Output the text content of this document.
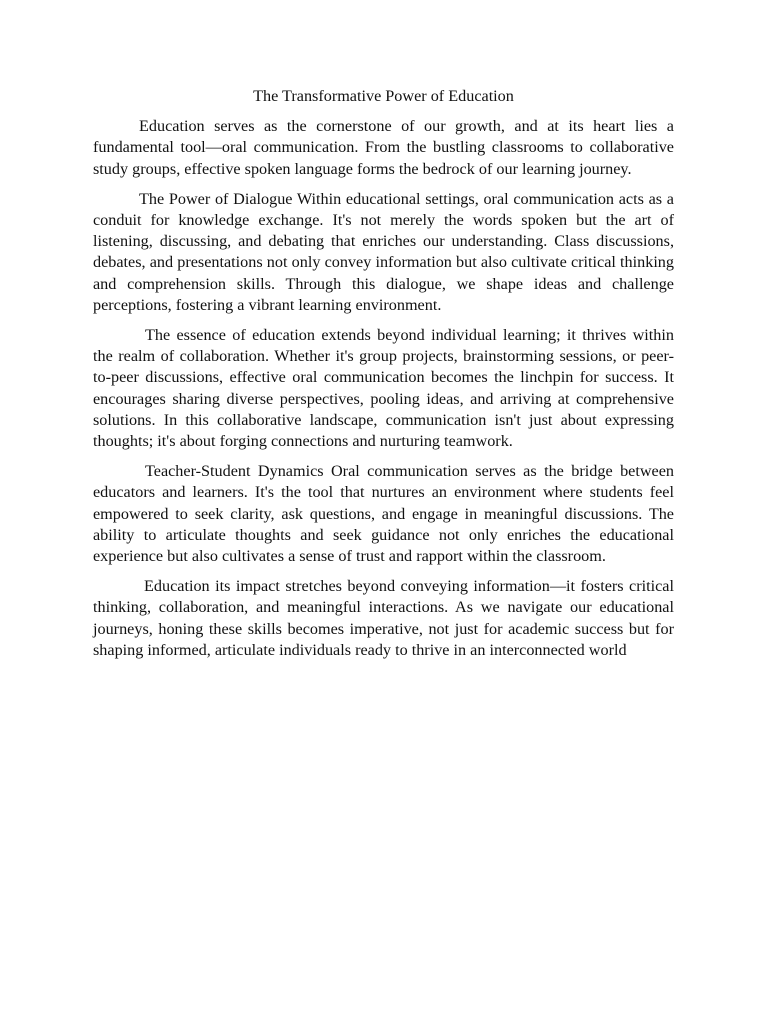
The Transformative Power of Education

Education serves as the cornerstone of our growth, and at its heart lies a fundamental tool—oral communication. From the bustling classrooms to collaborative study groups, effective spoken language forms the bedrock of our learning journey.

The Power of Dialogue Within educational settings, oral communication acts as a conduit for knowledge exchange. It's not merely the words spoken but the art of listening, discussing, and debating that enriches our understanding. Class discussions, debates, and presentations not only convey information but also cultivate critical thinking and comprehension skills. Through this dialogue, we shape ideas and challenge perceptions, fostering a vibrant learning environment.

The essence of education extends beyond individual learning; it thrives within the realm of collaboration. Whether it's group projects, brainstorming sessions, or peer-to-peer discussions, effective oral communication becomes the linchpin for success. It encourages sharing diverse perspectives, pooling ideas, and arriving at comprehensive solutions. In this collaborative landscape, communication isn't just about expressing thoughts; it's about forging connections and nurturing teamwork.

Teacher-Student Dynamics Oral communication serves as the bridge between educators and learners. It's the tool that nurtures an environment where students feel empowered to seek clarity, ask questions, and engage in meaningful discussions. The ability to articulate thoughts and seek guidance not only enriches the educational experience but also cultivates a sense of trust and rapport within the classroom.

Education its impact stretches beyond conveying information—it fosters critical thinking, collaboration, and meaningful interactions. As we navigate our educational journeys, honing these skills becomes imperative, not just for academic success but for shaping informed, articulate individuals ready to thrive in an interconnected world
